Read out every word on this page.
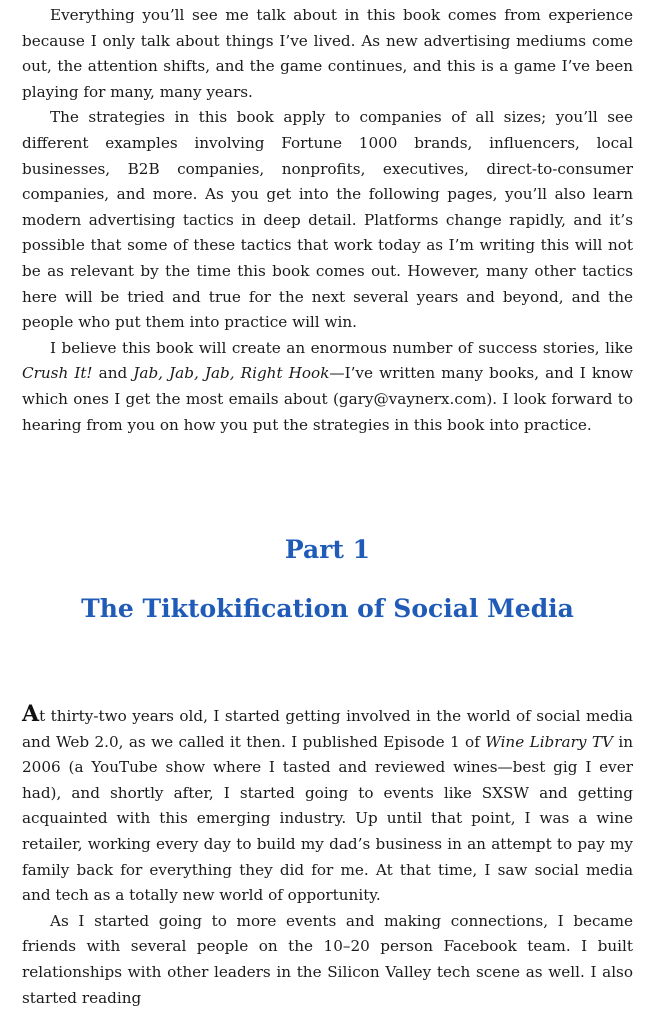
Everything you’ll see me talk about in this book comes from experience because I only talk about things I’ve lived. As new advertising mediums come out, the attention shifts, and the game continues, and this is a game I’ve been playing for many, many years.

The strategies in this book apply to companies of all sizes; you’ll see different examples involving Fortune 1000 brands, influencers, local businesses, B2B companies, nonprofits, executives, direct-to-consumer companies, and more. As you get into the following pages, you’ll also learn modern advertising tactics in deep detail. Platforms change rapidly, and it’s possible that some of these tactics that work today as I’m writing this will not be as relevant by the time this book comes out. However, many other tactics here will be tried and true for the next several years and beyond, and the people who put them into practice will win.

I believe this book will create an enormous number of success stories, like Crush It! and Jab, Jab, Jab, Right Hook—I’ve written many books, and I know which ones I get the most emails about (gary@vaynerx.com). I look forward to hearing from you on how you put the strategies in this book into practice.

Part 1
The Tiktokification of Social Media

At thirty-two years old, I started getting involved in the world of social media and Web 2.0, as we called it then. I published Episode 1 of Wine Library TV in 2006 (a YouTube show where I tasted and reviewed wines—best gig I ever had), and shortly after, I started going to events like SXSW and getting acquainted with this emerging industry. Up until that point, I was a wine retailer, working every day to build my dad’s business in an attempt to pay my family back for everything they did for me. At that time, I saw social media and tech as a totally new world of opportunity.

As I started going to more events and making connections, I became friends with several people on the 10–20 person Facebook team. I built relationships with other leaders in the Silicon Valley tech scene as well. I also started reading
